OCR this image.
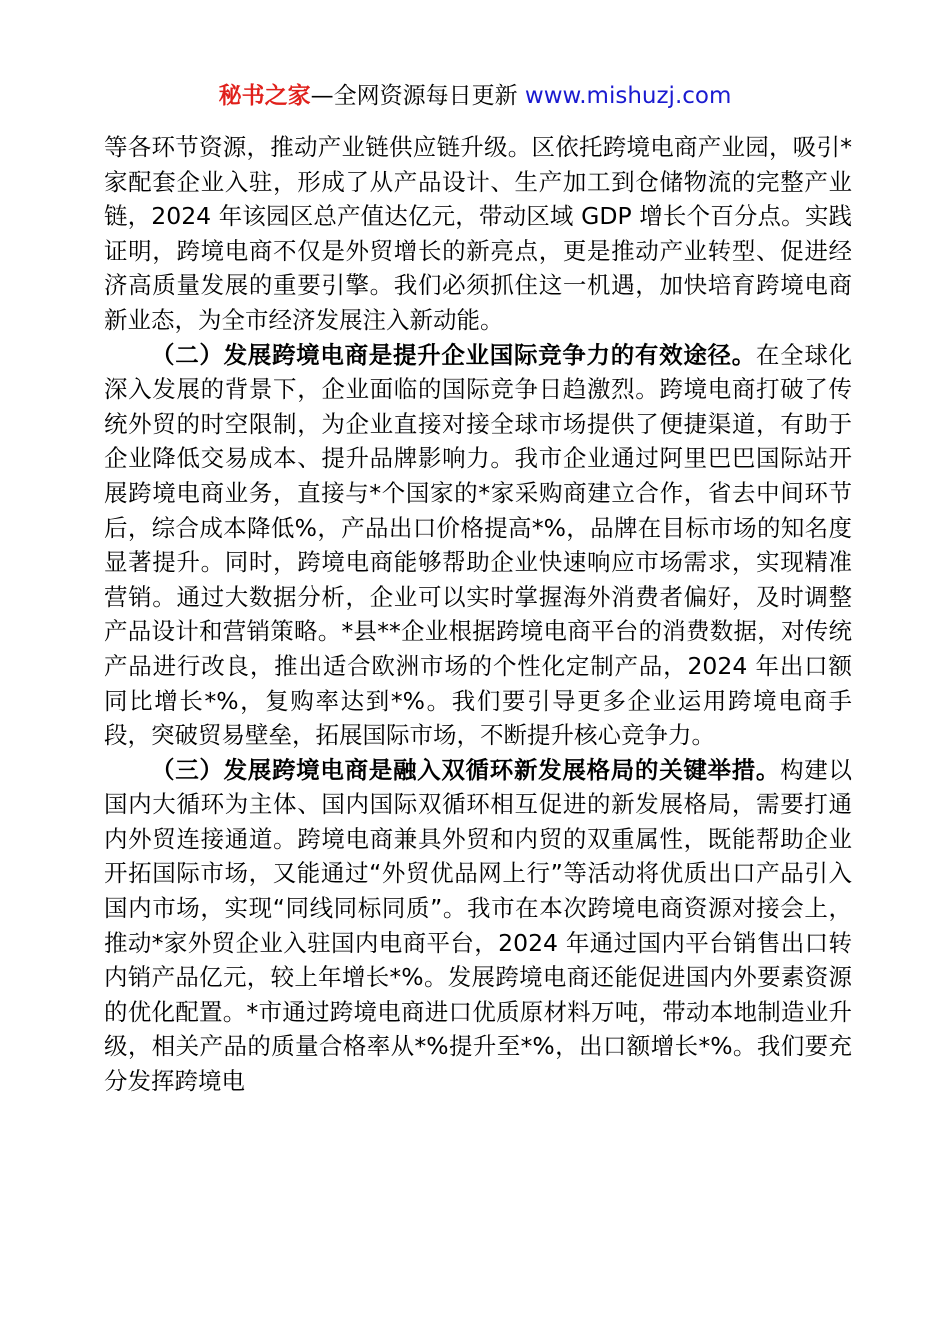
秘书之家—全网资源每日更新 www.mishuzj.com

等各环节资源，推动产业链供应链升级。区依托跨境电商产业园，吸引*家配套企业入驻，形成了从产品设计、生产加工到仓储物流的完整产业链，2024 年该园区总产值达亿元，带动区域 GDP 增长个百分点。实践证明，跨境电商不仅是外贸增长的新亮点，更是推动产业转型、促进经济高质量发展的重要引擎。我们必须抓住这一机遇，加快培育跨境电商新业态，为全市经济发展注入新动能。

（二）发展跨境电商是提升企业国际竞争力的有效途径。在全球化深入发展的背景下，企业面临的国际竞争日趋激烈。跨境电商打破了传统外贸的时空限制，为企业直接对接全球市场提供了便捷渠道，有助于企业降低交易成本、提升品牌影响力。我市企业通过阿里巴巴国际站开展跨境电商业务，直接与*个国家的*家采购商建立合作，省去中间环节后，综合成本降低%，产品出口价格提高*%，品牌在目标市场的知名度显著提升。同时，跨境电商能够帮助企业快速响应市场需求，实现精准营销。通过大数据分析，企业可以实时掌握海外消费者偏好，及时调整产品设计和营销策略。*县**企业根据跨境电商平台的消费数据，对传统产品进行改良，推出适合欧洲市场的个性化定制产品，2024 年出口额同比增长*%，复购率达到*%。我们要引导更多企业运用跨境电商手段，突破贸易壁垒，拓展国际市场，不断提升核心竞争力。

（三）发展跨境电商是融入双循环新发展格局的关键举措。构建以国内大循环为主体、国内国际双循环相互促进的新发展格局，需要打通内外贸连接通道。跨境电商兼具外贸和内贸的双重属性，既能帮助企业开拓国际市场，又能通过“外贸优品网上行”等活动将优质出口产品引入国内市场，实现“同线同标同质”。我市在本次跨境电商资源对接会上，推动*家外贸企业入驻国内电商平台，2024 年通过国内平台销售出口转内销产品亿元，较上年增长*%。发展跨境电商还能促进国内外要素资源的优化配置。*市通过跨境电商进口优质原材料万吨，带动本地制造业升级，相关产品的质量合格率从*%提升至*%，出口额增长*%。我们要充分发挥跨境电
